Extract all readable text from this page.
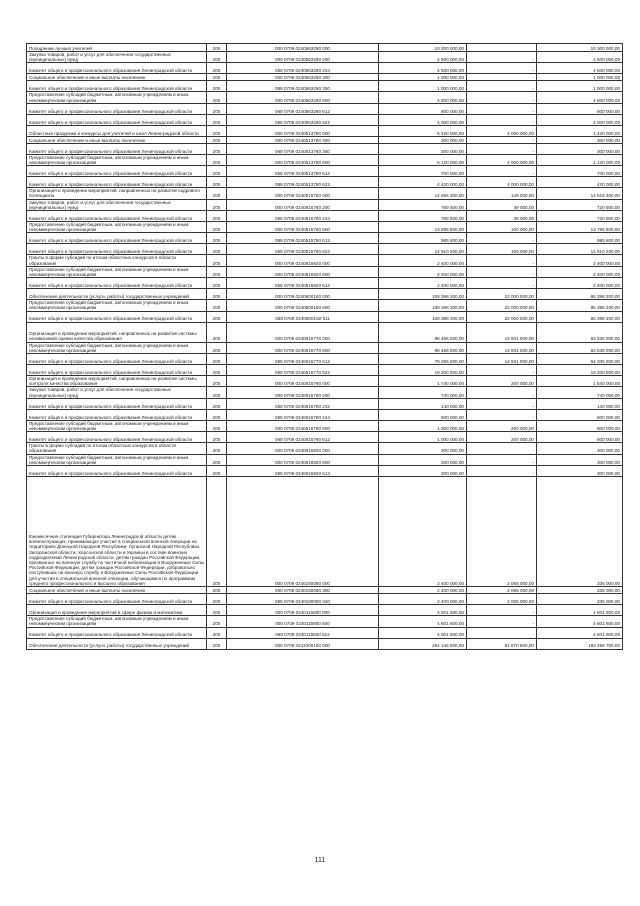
Поощрение лучших учителей	200	000 0709 0240563290 000	10 300 000,00		10 300 000,00
Закупка товаров, работ и услуг для обеспечения государственных (муниципальных) нужд	200	000 0709 0240563290 200	4 500 000,00	-	4 500 000,00
Комитет общего и профессионального образования Ленинградской области	200	068 0709 0240563290 244	4 500 000,00	-	4 500 000,00
Социальное обеспечение и иные выплаты населению	200	000 0709 0240563290 300	1 000 000,00	-	1 000 000,00
Комитет общего и профессионального образования Ленинградской области	200	068 0709 0240563290 350	1 000 000,00	-	1 000 000,00
Предоставление субсидий бюджетным, автономным учреждениям и иным некоммерческим организациям	200	000 0709 0240563290 600	4 800 000,00	-	4 800 000,00
Комитет общего и профессионального образования Ленинградской области	200	068 0709 0240563290 612	800 000,00	-	800 000,00
Комитет общего и профессионального образования Ленинградской области	200	068 0709 0240563290 622	4 000 000,00	-	4 000 000,00
Областные праздники и конкурсы для учителей и школ Ленинградской области	200	000 0709 0240513780 000	5 420 000,00	4 000 000,00	1 420 000,00
Социальное обеспечение и иные выплаты населению	200	000 0709 0240513780 300	300 000,00	-	300 000,00
Комитет общего и профессионального образования Ленинградской области	200	068 0709 0240513780 350	300 000,00	-	300 000,00
Предоставление субсидий бюджетным, автономным учреждениям и иным некоммерческим организациям	200	000 0709 0240513780 600	5 120 000,00	4 000 000,00	1 120 000,00
Комитет общего и профессионального образования Ленинградской области	200	068 0709 0240513780 612	700 000,00	-	700 000,00
Комитет общего и профессионального образования Ленинградской области	200	068 0709 0240513780 622	4 420 000,00	4 000 000,00	420 000,00
Организация и проведение мероприятий, направленных на развитие кадрового потенциала	200	000 0709 0240515760 000	14 665 300,00	149 000,00	14 516 300,00
Закупка товаров, работ и услуг для обеспечения государственных (муниципальных) нужд	200	000 0709 0240515760 200	769 500,00	49 000,00	720 500,00
Комитет общего и профессионального образования Ленинградской области	200	068 0709 0240515760 244	769 500,00	49 000,00	720 500,00
Предоставление субсидий бюджетным, автономным учреждениям и иным некоммерческим организациям	200	000 0709 0240515760 600	13 895 800,00	100 000,00	13 795 800,00
Комитет общего и профессионального образования Ленинградской области	200	068 0709 0240515760 612	985 600,00	-	985 600,00
Комитет общего и профессионального образования Ленинградской области	200	068 0709 0240515760 622	12 910 200,00	100 000,00	12 810 200,00
Гранты в форме субсидий по итогам областных конкурсов в области образования	200	000 0709 0240515920 000	2 400 000,00	-	2 400 000,00
Предоставление субсидий бюджетным, автономным учреждениям и иным некоммерческим организациям	200	000 0709 0240515920 600	2 400 000,00	-	2 400 000,00
Комитет общего и профессионального образования Ленинградской области	200	068 0709 0240515920 612	2 400 000,00	-	2 400 000,00
Обеспечение деятельности (услуги, работы) государственных учреждений	200	000 0709 0240600160 000	108 398 200,00	22 000 000,00	86 398 200,00
Предоставление субсидий бюджетным, автономным учреждениям и иным некоммерческим организациям	200	000 0709 0240600160 600	108 398 200,00	22 000 000,00	86 398 200,00
Комитет общего и профессионального образования Ленинградской области	200	068 0709 0240600160 611	108 398 200,00	22 000 000,00	86 398 200,00
Организация и проведение мероприятий, направленных на развитие системы независимой оценки качества образования	200	000 0709 0240615770 000	98 466 000,00	14 931 000,00	83 535 000,00
Предоставление субсидий бюджетным, автономным учреждениям и иным некоммерческим организациям	200	000 0709 0240615770 600	98 466 000,00	14 931 000,00	83 535 000,00
Комитет общего и профессионального образования Ленинградской области	200	068 0709 0240615770 612	79 266 000,00	14 931 000,00	64 335 000,00
Комитет общего и профессионального образования Ленинградской области	200	068 0709 0240615770 622	19 200 000,00	-	19 200 000,00
Организация и проведение мероприятий, направленных на развитие системы контроля качества образования	200	000 0709 0240615780 000	1 740 000,00	200 000,00	1 540 000,00
Закупка товаров, работ и услуг для обеспечения государственных (муниципальных) нужд	200	000 0709 0240615780 200	740 000,00	-	740 000,00
Комитет общего и профессионального образования Ленинградской области	200	068 0709 0240615780 242	140 000,00	-	140 000,00
Комитет общего и профессионального образования Ленинградской области	200	068 0709 0240615780 244	600 000,00	-	600 000,00
Предоставление субсидий бюджетным, автономным учреждениям и иным некоммерческим организациям	200	000 0709 0240615780 600	1 000 000,00	200 000,00	800 000,00
Комитет общего и профессионального образования Ленинградской области	200	068 0709 0240615780 612	1 000 000,00	200 000,00	800 000,00
Гранты в форме субсидий по итогам областных конкурсов в области образования	200	000 0709 0240615920 000	300 000,00	-	300 000,00
Предоставление субсидий бюджетным, автономным учреждениям и иным некоммерческим организациям	200	000 0709 0240615920 600	300 000,00	-	300 000,00
Комитет общего и профессионального образования Ленинградской области	200	068 0709 0240615920 613	300 000,00	-	300 000,00
Ежемесячная стипендия Губернатора Ленинградской области детям военнослужащих, принимающих участие в специальной военной операции на территориях Донецкой Народной Республики, Луганской Народной Республики, Запорожской области, Херсонской области и Украины в составе воинских подразделений Ленинградской области, детям граждан Российской Федерации, призванных на военную службу по частичной мобилизации в Вооруженные Силы Российской Федерации, детям граждан Российской Федерации, добровольно поступивших на военную службу в Вооруженные Силы Российской Федерации для участия в специальной военной операции, обучающимся по программам среднего профессионального и высшего образования	200	000 0709 0240160060 000	2 400 000,00	2 065 000,00	335 000,00
Социальное обеспечение и иные выплаты населению	200	000 0709 0240160060 300	2 400 000,00	2 065 000,00	335 000,00
Комитет общего и профессионального образования Ленинградской области	200	068 0709 0240160060 340	2 400 000,00	2 065 000,00	335 000,00
Организация и проведение мероприятий в сфере физики и математики	200	000 0709 0240115800 000	4 601 600,00	-	4 601 600,00
Предоставление субсидий бюджетным, автономным учреждениям и иным некоммерческим организациям	200	000 0709 0240115800 600	4 601 600,00	-	4 601 600,00
Комитет общего и профессионального образования Ленинградской области	200	068 0709 0240115800 612	4 601 600,00	-	4 601 600,00
Обеспечение деятельности (услуги, работы) государственных учреждений	200	000 0709 0241000160 000	254 146 500,00	61 870 800,00	192 296 700,00
111
